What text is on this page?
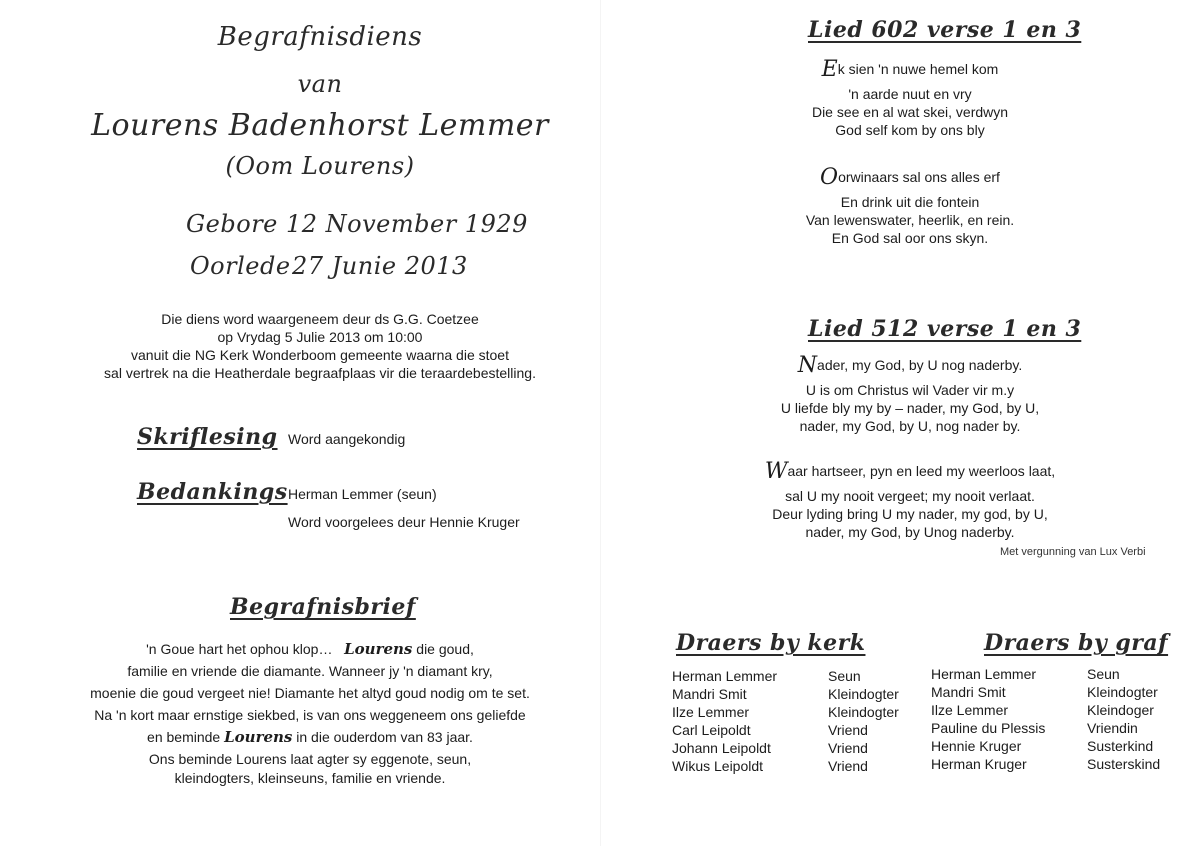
Begrafnisdiens
van
Lourens Badenhorst Lemmer
(Oom Lourens)
Gebore 12 November 1929
Oorlede 27 Junie 2013
Die diens word waargeneem deur ds G.G. Coetzee
op Vrydag 5 Julie 2013 om 10:00
vanuit die NG Kerk Wonderboom gemeente waarna die stoet
sal vertrek na die Heatherdale begraafplaas vir die teraardebestelling.
Skriflesing Word aangekondig
Bedankings Herman Lemmer (seun)
Word voorgelees deur Hennie Kruger
Begrafnisbrief
'n Goue hart het ophou klop… Lourens die goud,
familie en vriende die diamante. Wanneer jy 'n diamant kry,
moenie die goud vergeet nie! Diamante het altyd goud nodig om te set.
Na 'n kort maar ernstige siekbed, is van ons weggeneem ons geliefde
en beminde Lourens in die ouderdom van 83 jaar.
Ons beminde Lourens laat agter sy eggenote, seun,
kleindogters, kleinseuns, familie en vriende.
Lied 602 verse 1 en 3
Ek sien 'n nuwe hemel kom
'n aarde nuut en vry
Die see en al wat skei, verdwyn
God self kom by ons bly
Oorwinaars sal ons alles erf
En drink uit die fontein
Van lewenswater, heerlik, en rein.
En God sal oor ons skyn.
Lied 512 verse 1 en 3
Nader, my God, by U nog naderby.
U is om Christus wil Vader vir m.y
U liefde bly my by – nader, my God, by U,
nader, my God, by U, nog nader by.
Waar hartseer, pyn en leed my weerloos laat,
sal U my nooit vergeet; my nooit verlaat.
Deur lyding bring U my nader, my god, by U,
nader, my God, by Unog naderby.
Met vergunning van Lux Verbi
Draers by kerk
Herman Lemmer
Mandri Smit
Ilze Lemmer
Carl Leipoldt
Johann Leipoldt
Wikus Leipoldt
Seun
Kleindogter
Kleindogter
Vriend
Vriend
Vriend
Draers by graf
Herman Lemmer
Mandri Smit
Ilze Lemmer
Pauline du Plessis
Hennie Kruger
Herman Kruger
Seun
Kleindogter
Kleindoger
Vriendin
Susterkind
Susterskind
